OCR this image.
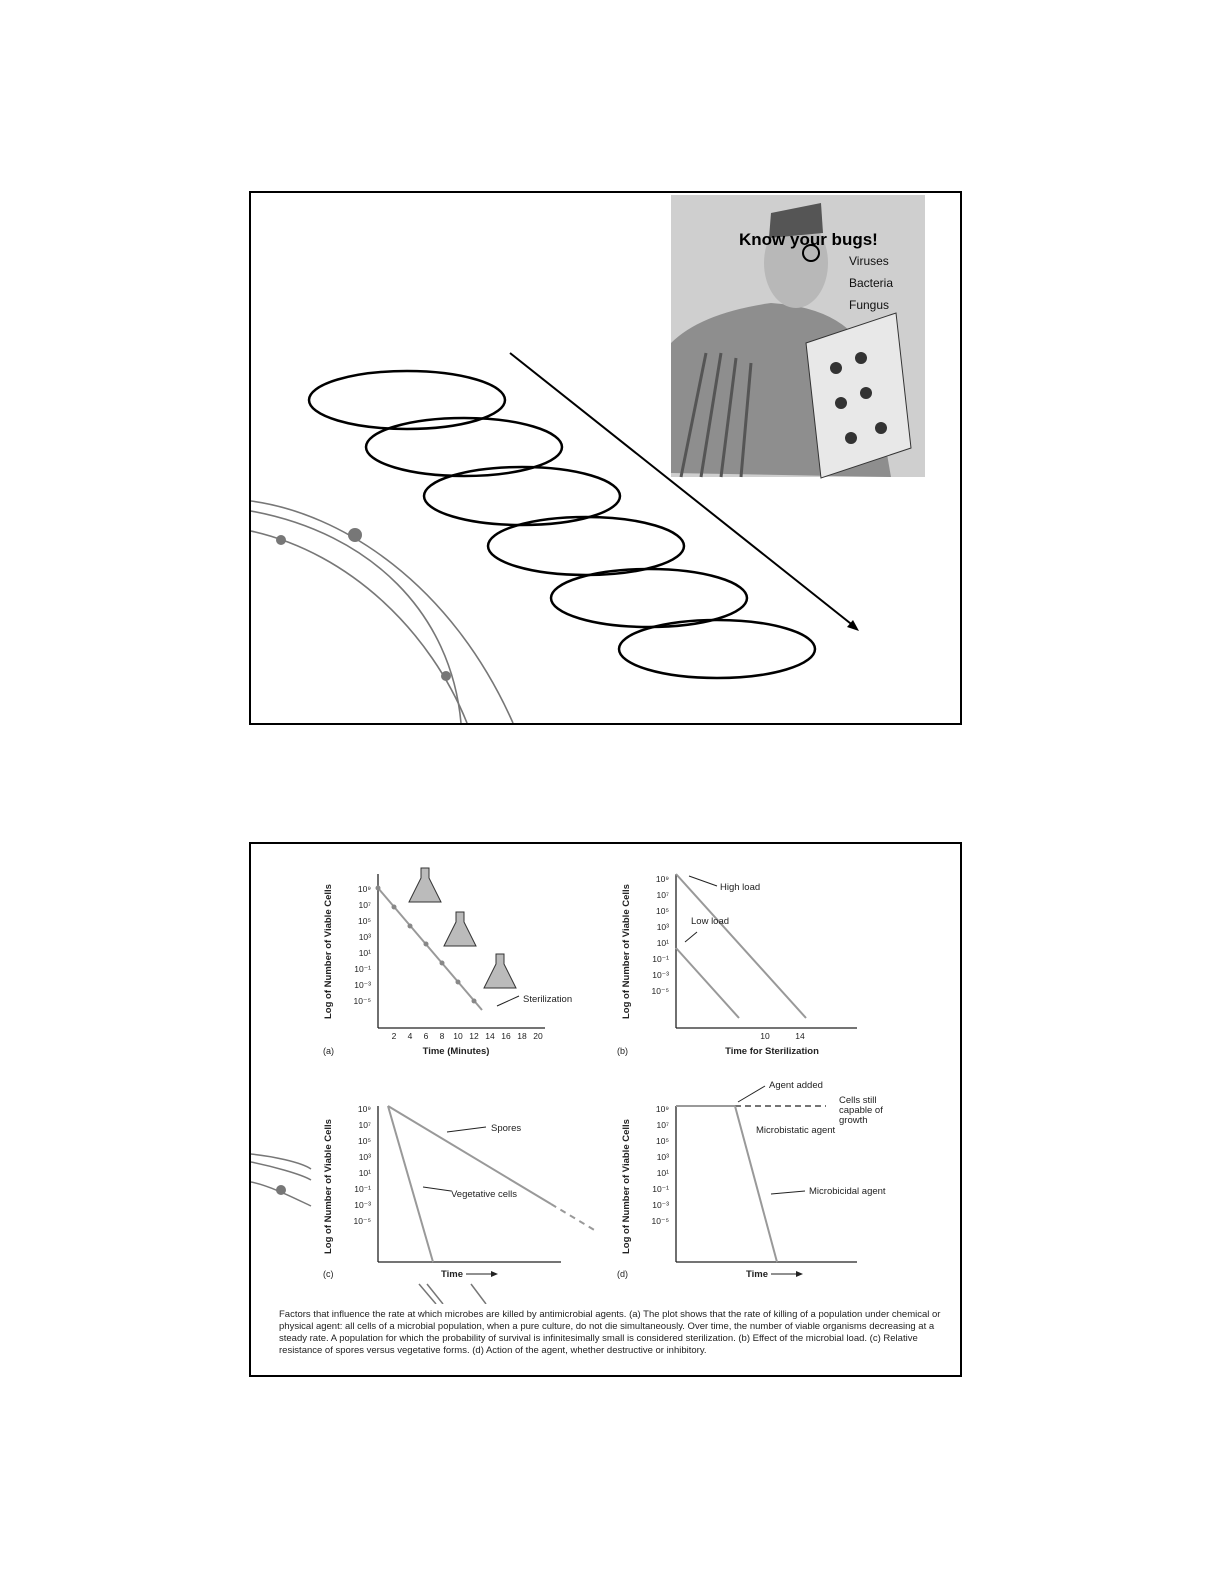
Know your bugs!
Viruses
Bacteria
Fungus
Log of Number of Viable Cells	10⁹
10⁷
10⁵
10³
10¹
10⁻¹
10⁻³
10⁻⁵
2 4 6 8 10 12 14 16 18 20
Sterilization
(a)	Time (Minutes)
Log of Number of Viable Cells
10⁹
10⁷
10⁵
10³
10¹
10⁻¹
10⁻³
10⁻⁵
10	14
High load
Low load
(b)	Time for Sterilization
Log of Number of Viable Cells
10⁹
10⁷
10⁵
10³
10¹
10⁻¹
10⁻³
10⁻⁵
Spores
Vegetative cells
(c)	Time
Log of Number of Viable Cells
10⁹
10⁷
10⁵
10³
10¹
10⁻¹
10⁻³
10⁻⁵
Agent added
Cells still capable of growth
Microbistatic agent
Microbicidal agent
(d)	Time
Factors that influence the rate at which microbes are killed by antimicrobial agents. (a) The plot shows that the rate of killing of a population under chemical or physical agent: all cells of a microbial population, when a pure culture, do not die simultaneously. Over time, the number of viable organisms decreasing at a steady rate. A population for which the probability of survival is infinitesimally small is considered sterilization. (b) Effect of the microbial load. (c) Relative resistance of spores versus vegetative forms. (d) Action of the agent, whether destructive or inhibitory.
